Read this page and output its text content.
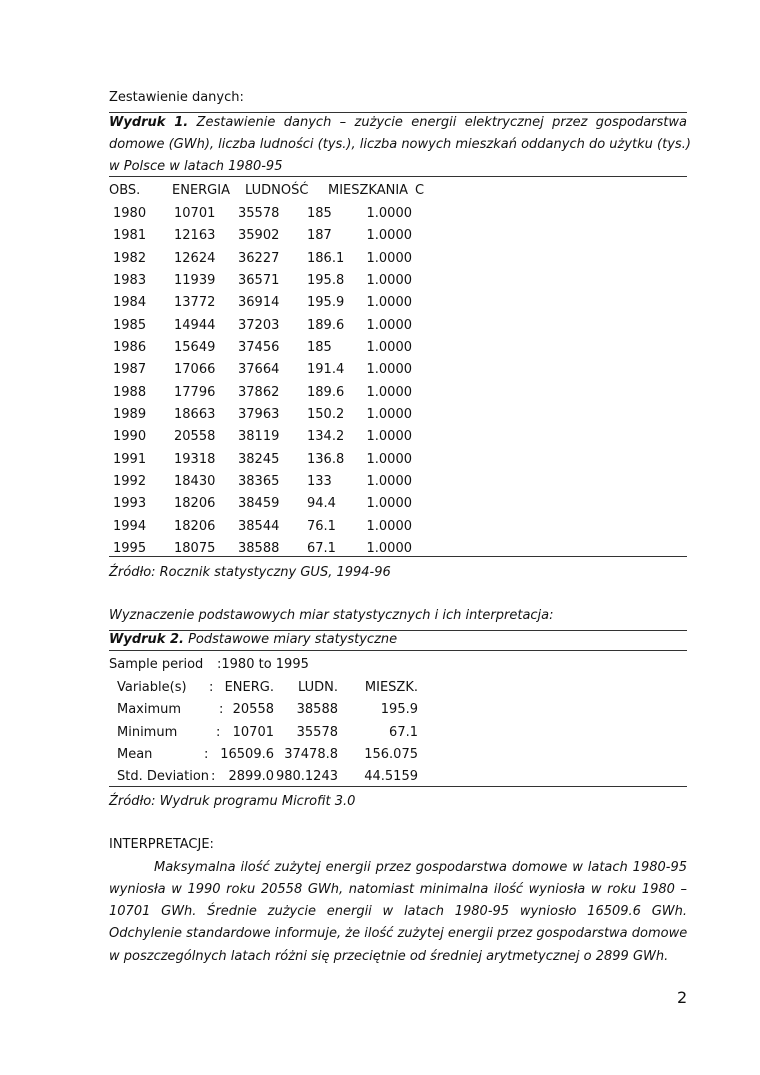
Zestawienie danych:
Wydruk 1. Zestawienie danych – zużycie energii elektrycznej przez gospodarstwa
domowe (GWh), liczba ludności (tys.), liczba nowych mieszkań oddanych do użytku (tys.)
w Polsce w latach 1980-95
OBS. ENERGIA LUDNOŚĆ MIESZKANIA C
1980 10701 35578 185	1.0000
1981 12163 35902 187	1.0000
1982 12624 36227 186.1 1.0000
1983 11939 36571 195.8 1.0000
1984 13772 36914 195.9 1.0000
1985 14944 37203 189.6 1.0000
1986 15649 37456 185	1.0000
1987 17066 37664 191.4 1.0000
1988 17796 37862 189.6 1.0000
1989 18663 37963 150.2 1.0000
1990 20558 38119 134.2 1.0000
1991 19318 38245 136.8 1.0000
1992 18430 38365 133	1.0000
1993 18206 38459 94.4 1.0000
1994 18206 38544 76.1 1.0000
1995 18075 38588 67.1 1.0000
Źródło: Rocznik statystyczny GUS, 1994-96
Wyznaczenie podstawowych miar statystycznych i ich interpretacja:
Wydruk 2. Podstawowe miary statystyczne
Sample period :1980 to 1995
Variable(s) : ENERG. LUDN. MIESZK.
Maximum	: 20558 38588	195.9
Minimum	: 10701 35578	67.1
Mean	: 16509.6 37478.8 156.075
Std. Deviation : 2899.0 980.1243 44.5159
Źródło: Wydruk programu Microfit 3.0
INTERPRETACJE:
Maksymalna ilość zużytej energii przez gospodarstwa domowe w latach 1980-95
wyniosła w 1990 roku 20558 GWh, natomiast minimalna ilość wyniosła w roku 1980 –
10701 GWh. Średnie zużycie energii w latach 1980-95 wyniosło 16509.6 GWh.
Odchylenie standardowe informuje, że ilość zużytej energii przez gospodarstwa domowe
w poszczególnych latach różni się przeciętnie od średniej arytmetycznej o 2899 GWh.
2
